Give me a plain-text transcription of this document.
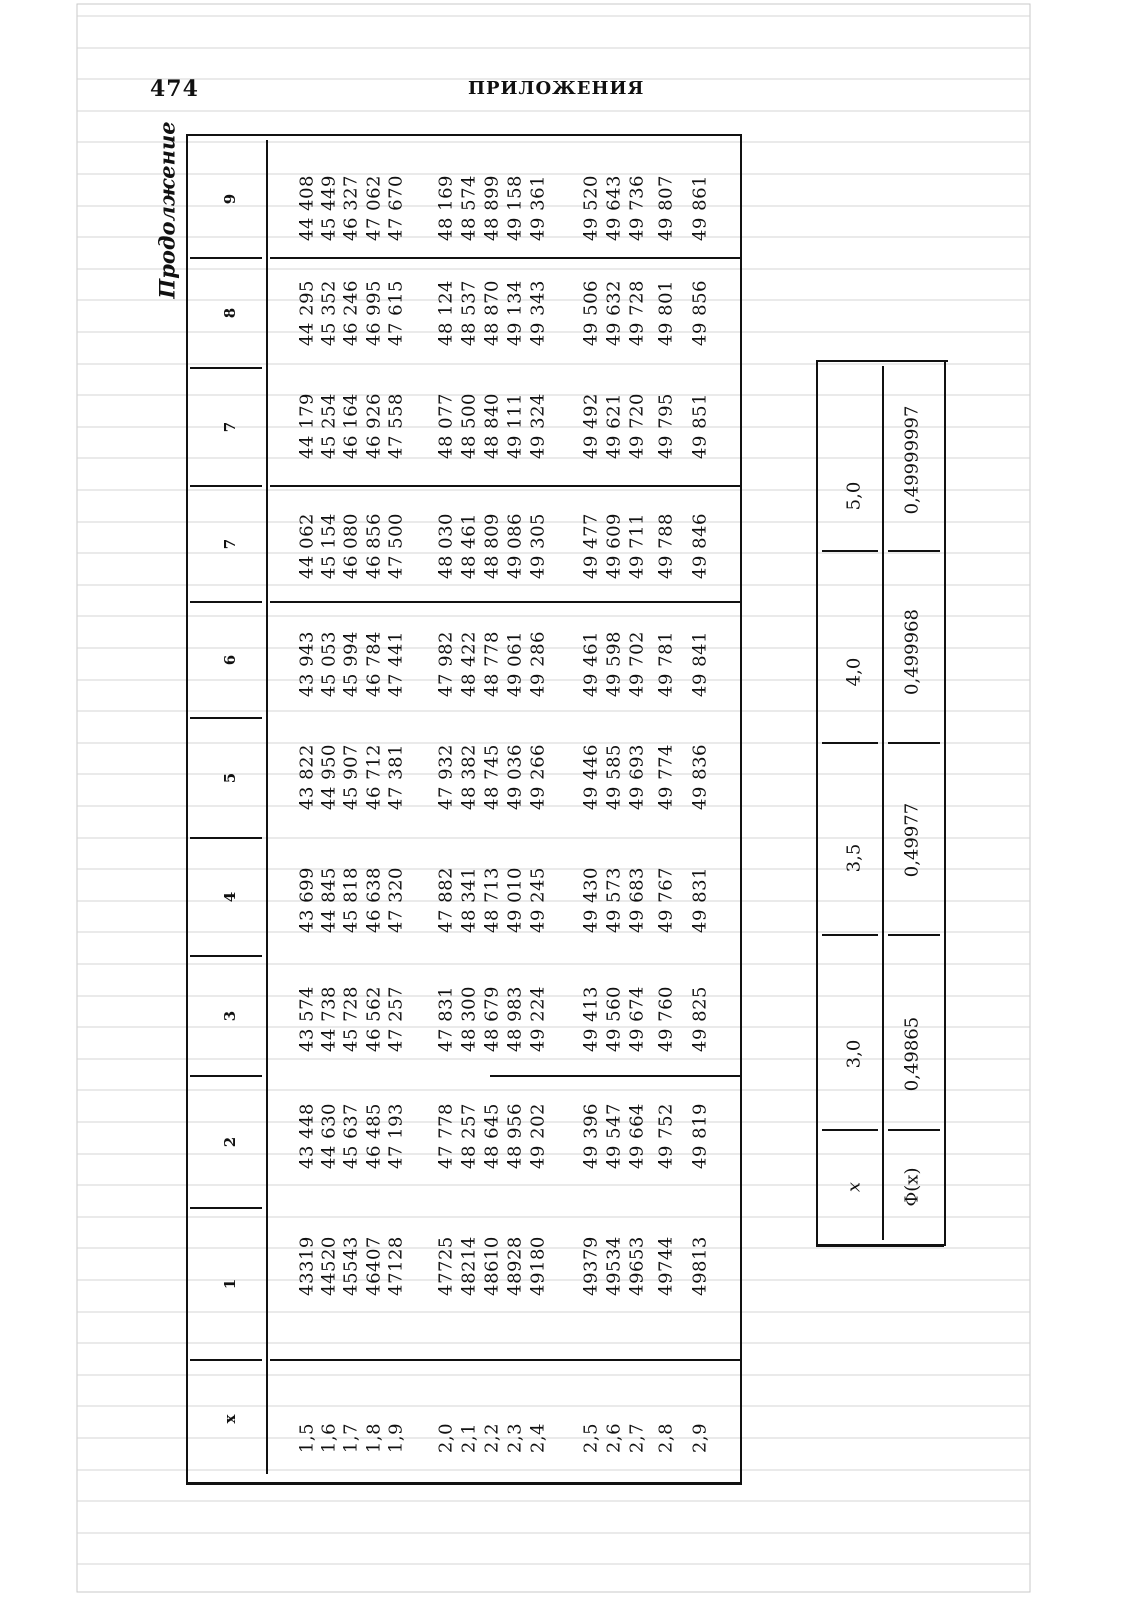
474	ПРИЛОЖЕНИЯ
Продолжение
x
1
2
3
4
5
6
7
7
8
9
1,5 1,6 1,7 1,8 1,9
43319 44520 45543 46407 47128
43 448 44 630 45 637 46 485 47 193
43 574 44 738 45 728 46 562 47 257
43 699 44 845 45 818 46 638 47 320
43 822 44 950 45 907 46 712 47 381
43 943 45 053 45 994 46 784 47 441
44 062 45 154 46 080 46 856 47 500
44 179 45 254 46 164 46 926 47 558
44 295 45 352 46 246 46 995 47 615
44 408 45 449 46 327 47 062 47 670
2,0 2,1 2,2 2,3 2,4
47725 48214 48610 48928 49180
47 778 48 257 48 645 48 956 49 202
47 831 48 300 48 679 48 983 49 224
47 882 48 341 48 713 49 010 49 245
47 932 48 382 48 745 49 036 49 266
47 982 48 422 48 778 49 061 49 286
48 030 48 461 48 809 49 086 49 305
48 077 48 500 48 840 49 111 49 324
48 124 48 537 48 870 49 134 49 343
48 169 48 574 48 899 49 158 49 361
2,5 2,6 2,7 2,8 2,9
49379 49534 49653 49744 49813
49 396 49 547 49 664 49 752 49 819
49 413 49 560 49 674 49 760 49 825
49 430 49 573 49 683 49 767 49 831
49 446 49 585 49 693 49 774 49 836
49 461 49 598 49 702 49 781 49 841
49 477 49 609 49 711 49 788 49 846
49 492 49 621 49 720 49 795 49 851
49 506 49 632 49 728 49 801 49 856
49 520 49 643 49 736 49 807 49 861
x Φ(x)
3,0 0,49865
3,5 0,49977
4,0 0,499968
5,0 0,49999997
